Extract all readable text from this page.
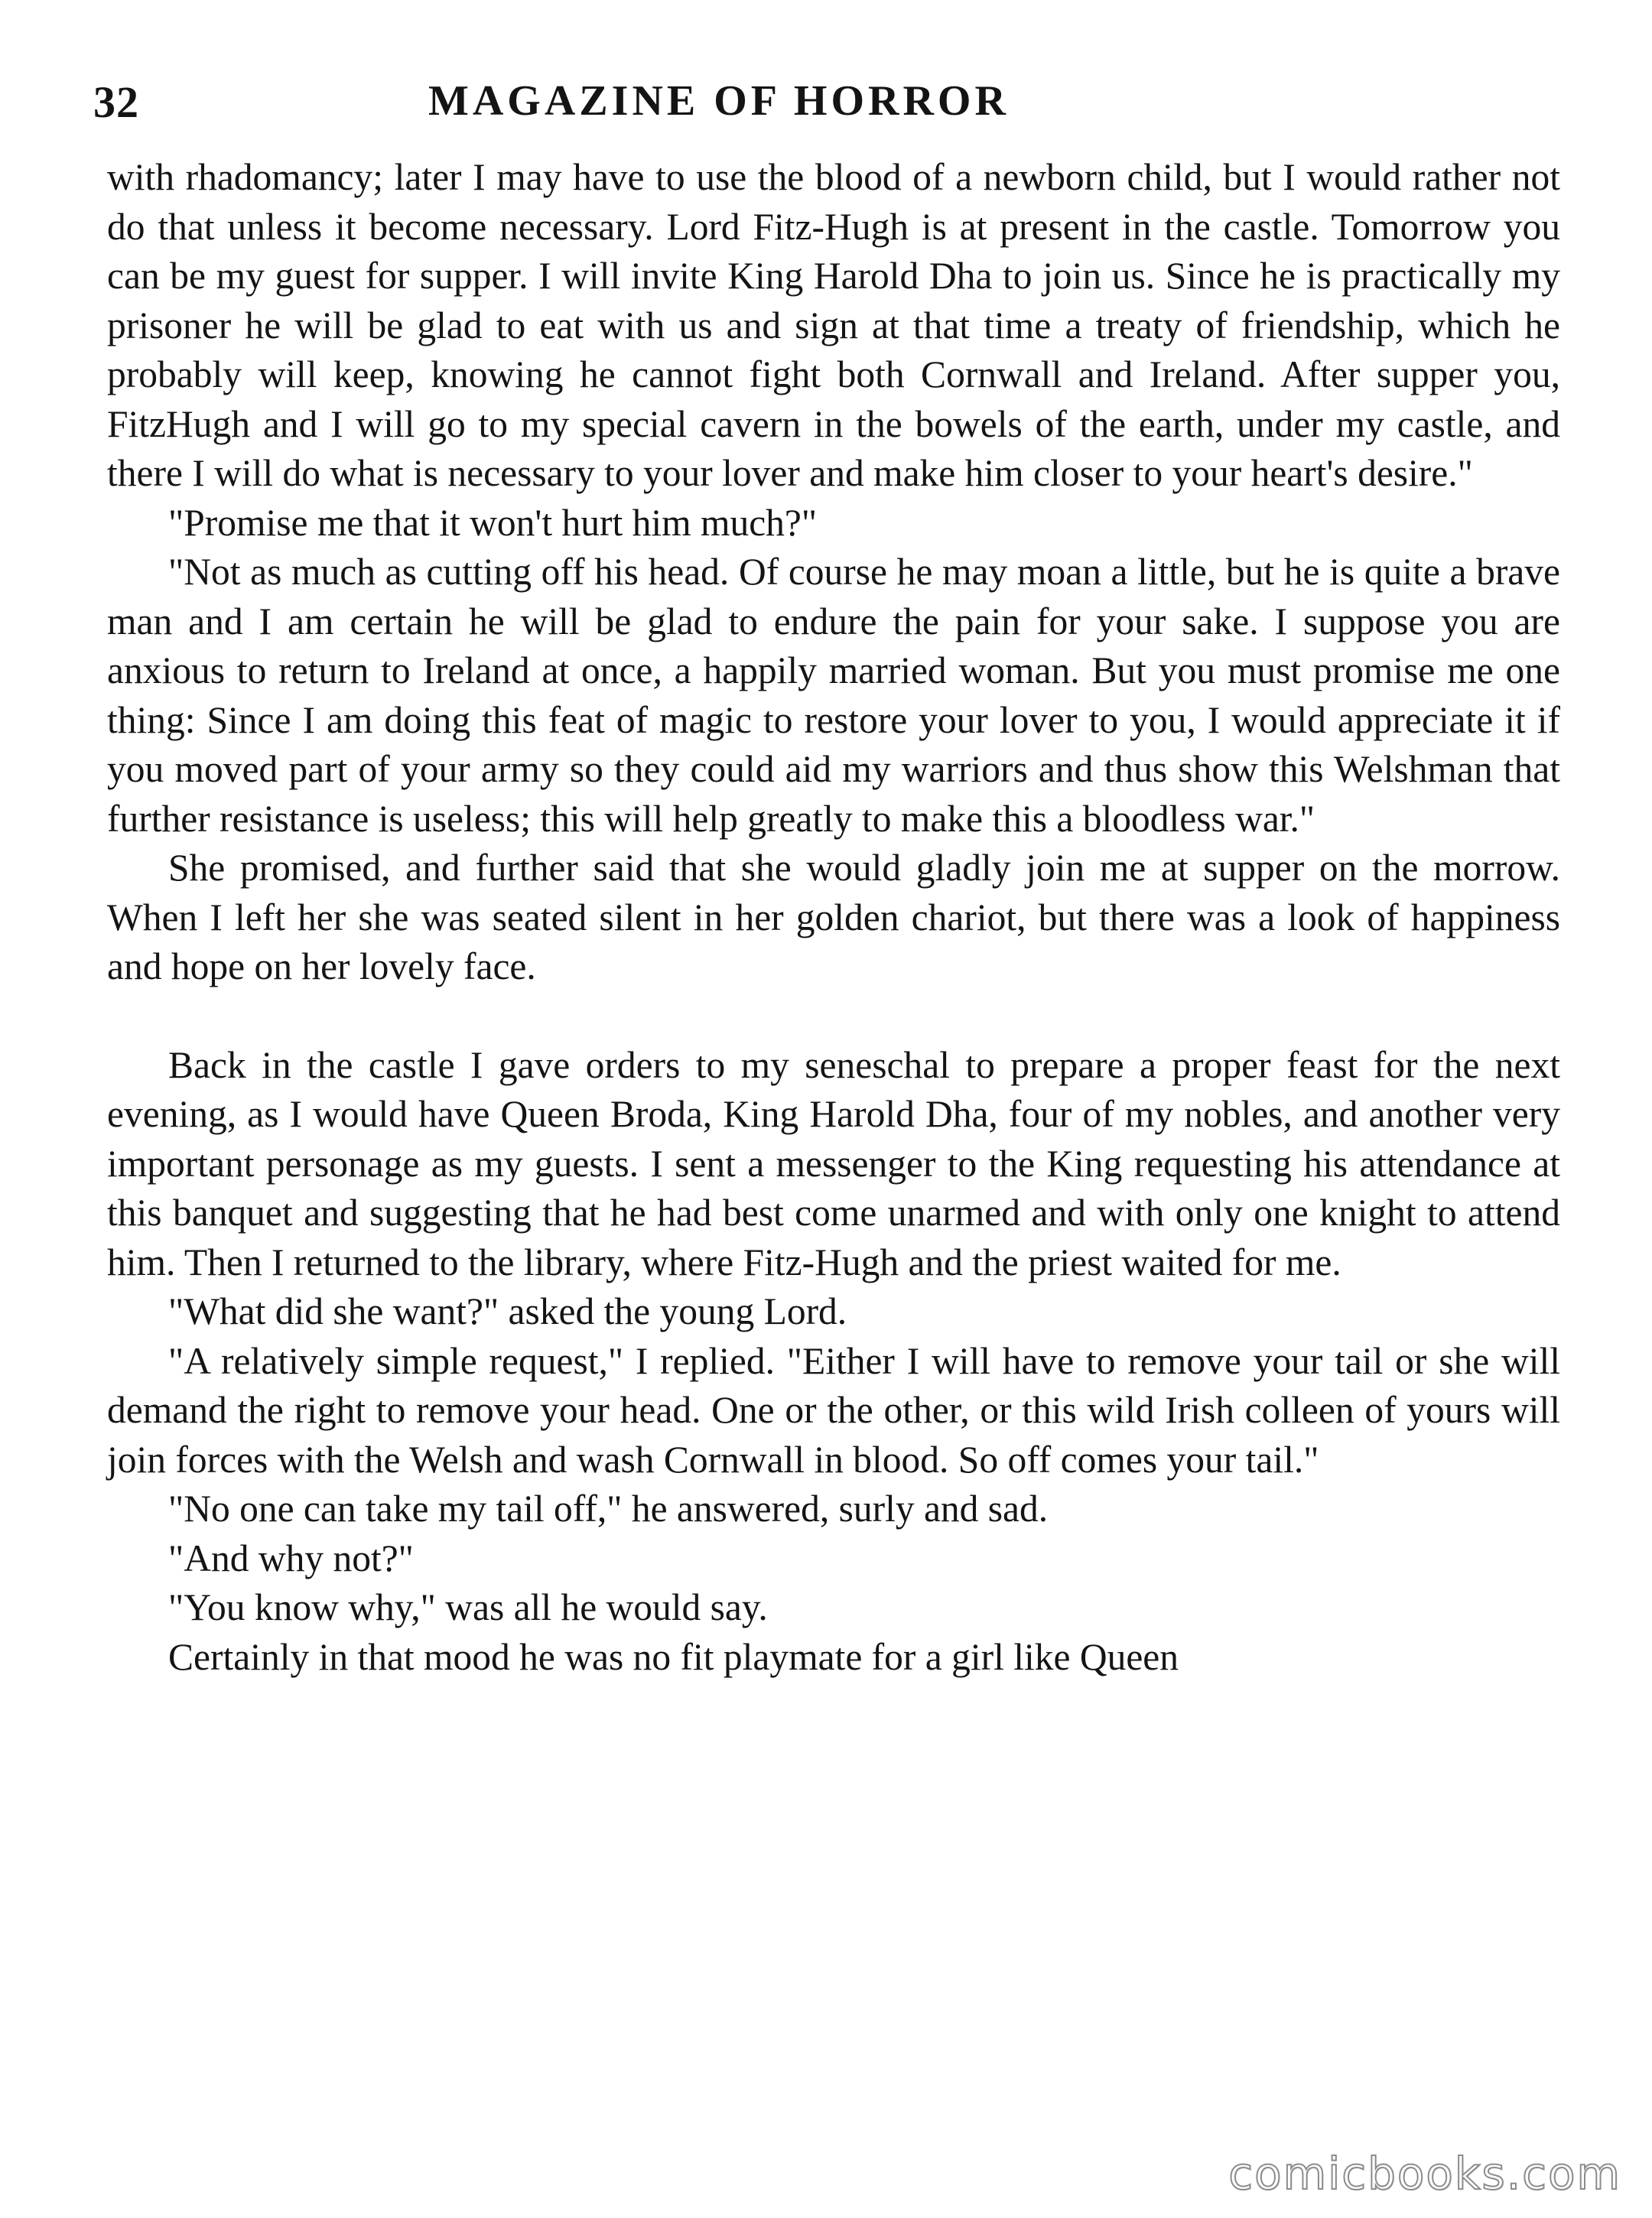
32	MAGAZINE OF HORROR

with rhadomancy; later I may have to use the blood of a newborn child, but I would rather not do that unless it become necessary. Lord Fitz-Hugh is at present in the castle. Tomorrow you can be my guest for supper. I will invite King Harold Dha to join us. Since he is practically my prisoner he will be glad to eat with us and sign at that time a treaty of friendship, which he probably will keep, knowing he cannot fight both Cornwall and Ireland. After supper you, FitzHugh and I will go to my special cavern in the bowels of the earth, under my castle, and there I will do what is necessary to your lover and make him closer to your heart's desire."

"Promise me that it won't hurt him much?"

"Not as much as cutting off his head. Of course he may moan a little, but he is quite a brave man and I am certain he will be glad to endure the pain for your sake. I suppose you are anxious to return to Ireland at once, a happily married woman. But you must promise me one thing: Since I am doing this feat of magic to restore your lover to you, I would appreciate it if you moved part of your army so they could aid my warriors and thus show this Welshman that further resistance is useless; this will help greatly to make this a bloodless war."

She promised, and further said that she would gladly join me at supper on the morrow. When I left her she was seated silent in her golden chariot, but there was a look of happiness and hope on her lovely face.

Back in the castle I gave orders to my seneschal to prepare a proper feast for the next evening, as I would have Queen Broda, King Harold Dha, four of my nobles, and another very important personage as my guests. I sent a messenger to the King requesting his attendance at this banquet and suggesting that he had best come unarmed and with only one knight to attend him. Then I returned to the library, where Fitz-Hugh and the priest waited for me.

"What did she want?" asked the young Lord.

"A relatively simple request," I replied. "Either I will have to remove your tail or she will demand the right to remove your head. One or the other, or this wild Irish colleen of yours will join forces with the Welsh and wash Cornwall in blood. So off comes your tail."

"No one can take my tail off," he answered, surly and sad.

"And why not?"

"You know why," was all he would say.

Certainly in that mood he was no fit playmate for a girl like Queen

comicbooks.com
